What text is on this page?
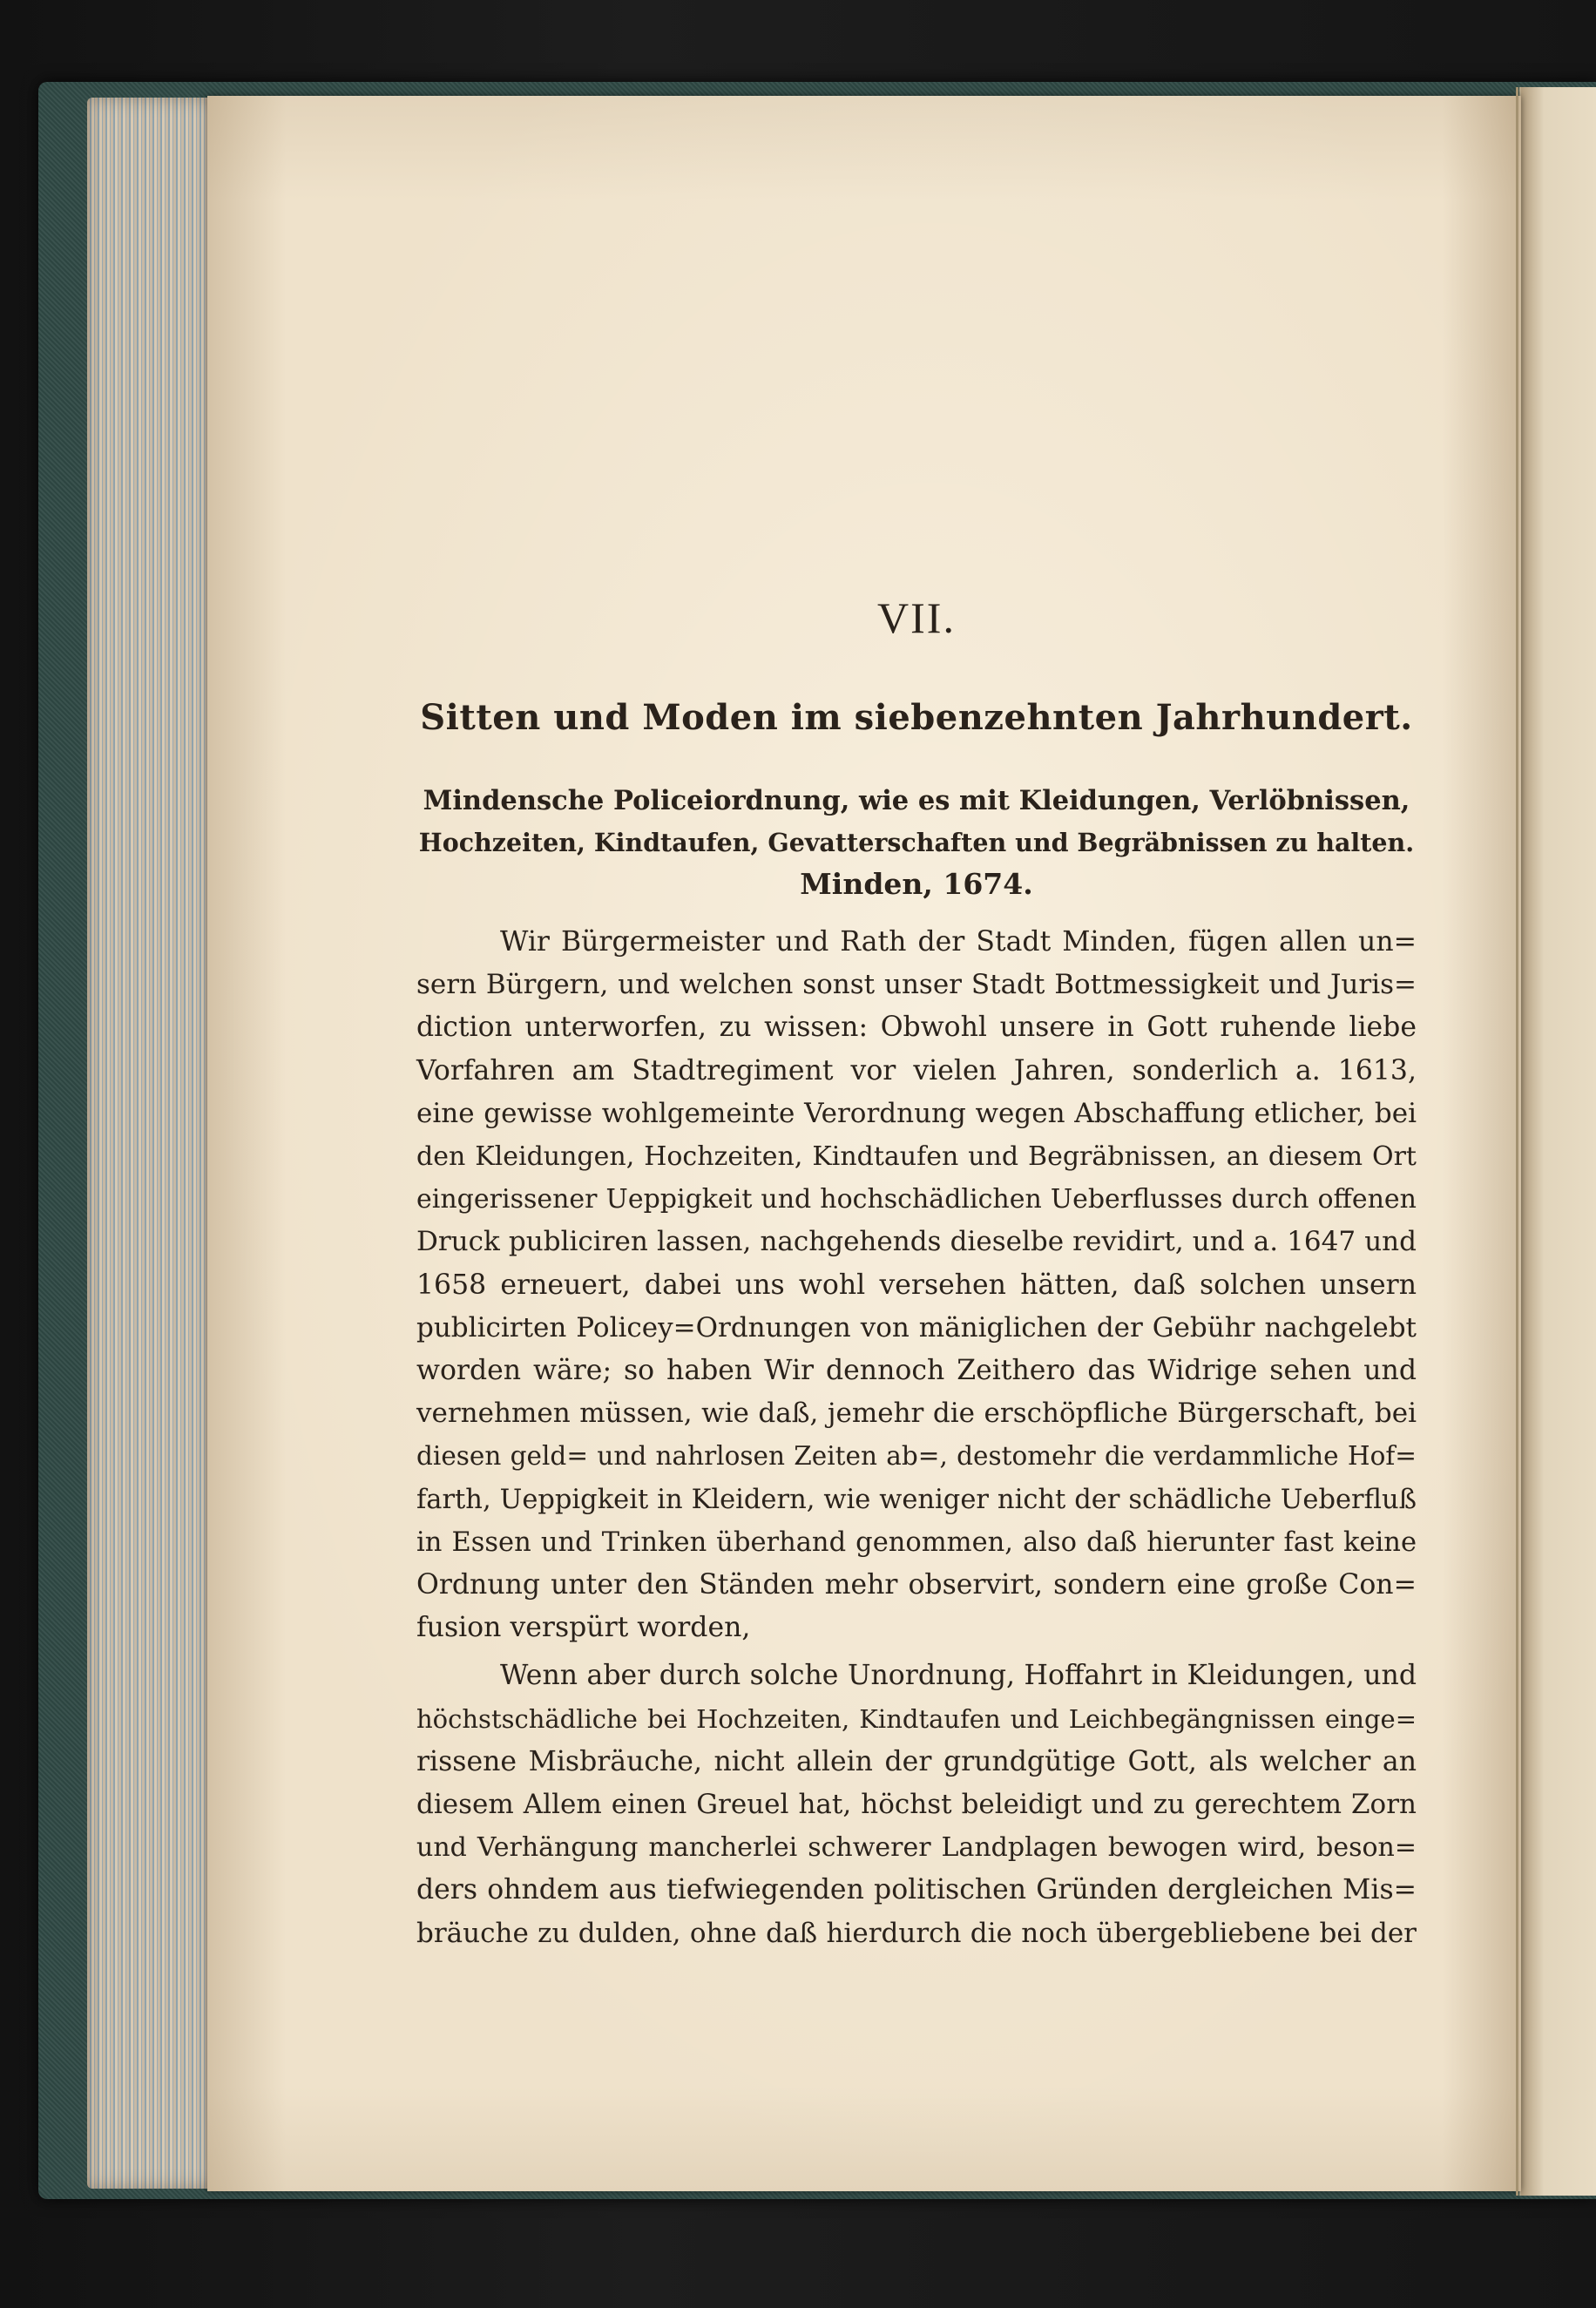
VII.
Sitten und Moden im siebenzehnten Jahrhundert.
Mindensche Policeiordnung, wie es mit Kleidungen, Verlöbnissen,
Hochzeiten, Kindtaufen, Gevatterschaften und Begräbnissen zu halten.
Minden, 1674.
Wir Bürgermeister und Rath der Stadt Minden, fügen allen un=
sern Bürgern, und welchen sonst unser Stadt Bottmessigkeit und Juris=
diction unterworfen, zu wissen: Obwohl unsere in Gott ruhende liebe
Vorfahren am Stadtregiment vor vielen Jahren, sonderlich a. 1613,
eine gewisse wohlgemeinte Verordnung wegen Abschaffung etlicher, bei
den Kleidungen, Hochzeiten, Kindtaufen und Begräbnissen, an diesem Ort
eingerissener Ueppigkeit und hochschädlichen Ueberflusses durch offenen
Druck publiciren lassen, nachgehends dieselbe revidirt, und a. 1647 und
1658 erneuert, dabei uns wohl versehen hätten, daß solchen unsern
publicirten Policey=Ordnungen von mäniglichen der Gebühr nachgelebt
worden wäre; so haben Wir dennoch Zeithero das Widrige sehen und
vernehmen müssen, wie daß, jemehr die erschöpfliche Bürgerschaft, bei
diesen geld= und nahrlosen Zeiten ab=, destomehr die verdammliche Hof=
farth, Ueppigkeit in Kleidern, wie weniger nicht der schädliche Ueberfluß
in Essen und Trinken überhand genommen, also daß hierunter fast keine
Ordnung unter den Ständen mehr observirt, sondern eine große Con=
fusion verspürt worden,
Wenn aber durch solche Unordnung, Hoffahrt in Kleidungen, und
höchstschädliche bei Hochzeiten, Kindtaufen und Leichbegängnissen einge=
rissene Misbräuche, nicht allein der grundgütige Gott, als welcher an
diesem Allem einen Greuel hat, höchst beleidigt und zu gerechtem Zorn
und Verhängung mancherlei schwerer Landplagen bewogen wird, beson=
ders ohndem aus tiefwiegenden politischen Gründen dergleichen Mis=
bräuche zu dulden, ohne daß hierdurch die noch übergebliebene bei der
